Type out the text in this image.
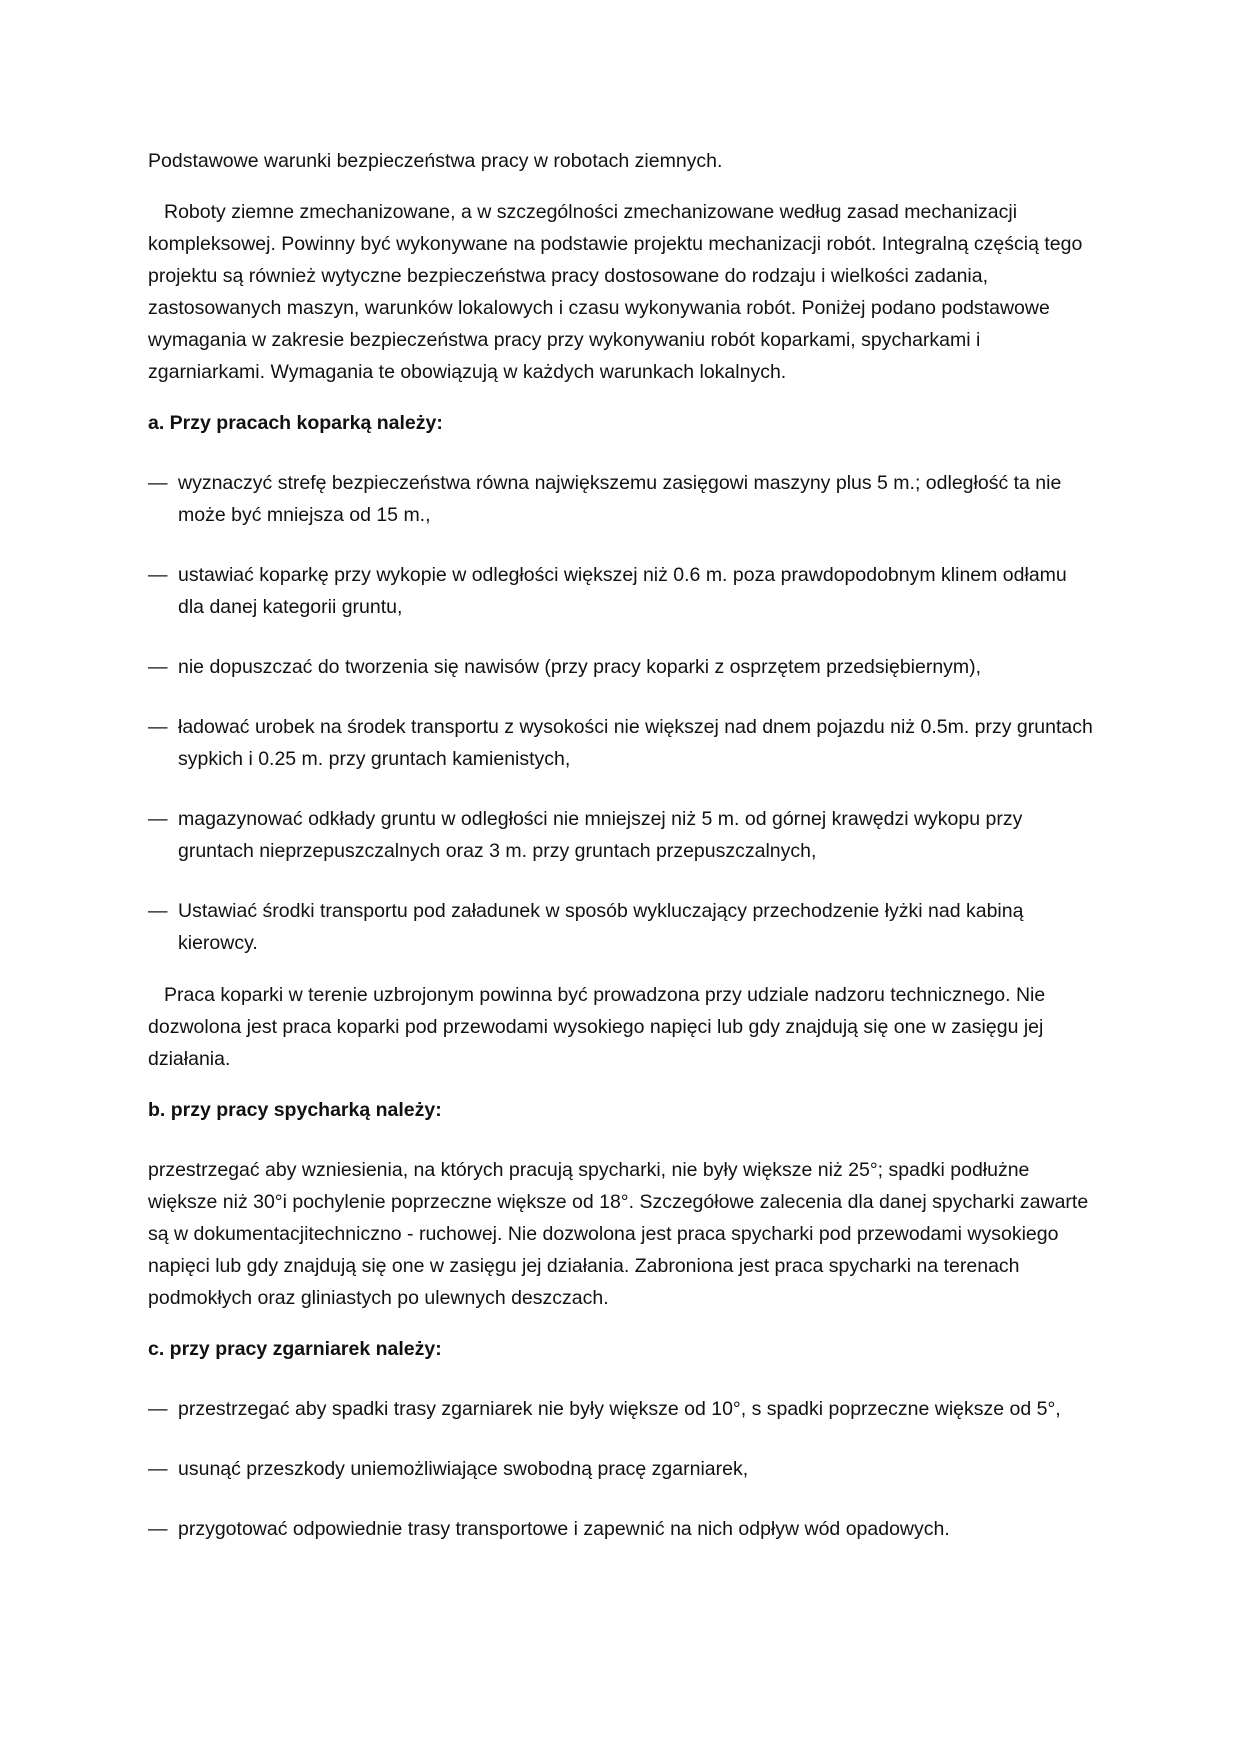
Podstawowe warunki bezpieczeństwa pracy w robotach ziemnych.

Roboty ziemne zmechanizowane, a w szczególności zmechanizowane według zasad mechanizacji kompleksowej. Powinny być wykonywane na podstawie projektu mechanizacji robót. Integralną częścią tego projektu są również wytyczne bezpieczeństwa pracy dostosowane do rodzaju i wielkości zadania, zastosowanych maszyn, warunków lokalowych i czasu wykonywania robót. Poniżej podano podstawowe wymagania w zakresie bezpieczeństwa pracy przy wykonywaniu robót koparkami, spycharkami i zgarniarkami. Wymagania te obowiązują w każdych warunkach lokalnych.

a. Przy pracach koparką należy:

— wyznaczyć strefę bezpieczeństwa równa największemu zasięgowi maszyny plus 5 m.; odległość ta nie może być mniejsza od 15 m.,
— ustawiać koparkę przy wykopie w odległości większej niż 0.6 m. poza prawdopodobnym klinem odłamu dla danej kategorii gruntu,
— nie dopuszczać do tworzenia się nawisów (przy pracy koparki z osprzętem przedsiębiernym),
— ładować urobek na środek transportu z wysokości nie większej nad dnem pojazdu niż 0.5m. przy gruntach sypkich i 0.25 m. przy gruntach kamienistych,
— magazynować odkłady gruntu w odległości nie mniejszej niż 5 m. od górnej krawędzi wykopu przy gruntach nieprzepuszczalnych oraz 3 m. przy gruntach przepuszczalnych,
— Ustawiać środki transportu pod załadunek w sposób wykluczający przechodzenie łyżki nad kabiną kierowcy.

Praca koparki w terenie uzbrojonym powinna być prowadzona przy udziale nadzoru technicznego. Nie dozwolona jest praca koparki pod przewodami wysokiego napięci lub gdy znajdują się one w zasięgu jej działania.

b. przy pracy spycharką należy:

przestrzegać aby wzniesienia, na których pracują spycharki, nie były większe niż 25°; spadki podłużne większe niż 30°i pochylenie poprzeczne większe od 18°. Szczegółowe zalecenia dla danej spycharki zawarte są w dokumentacjitechniczno - ruchowej. Nie dozwolona jest praca spycharki pod przewodami wysokiego napięci lub gdy znajdują się one w zasięgu jej działania. Zabroniona jest praca spycharki na terenach podmokłych oraz gliniastych po ulewnych deszczach.

c. przy pracy zgarniarek należy:

— przestrzegać aby spadki trasy zgarniarek nie były większe od 10°, s spadki poprzeczne większe od 5°,
— usunąć przeszkody uniemożliwiające swobodną pracę zgarniarek,
— przygotować odpowiednie trasy transportowe i zapewnić na nich odpływ wód opadowych.
